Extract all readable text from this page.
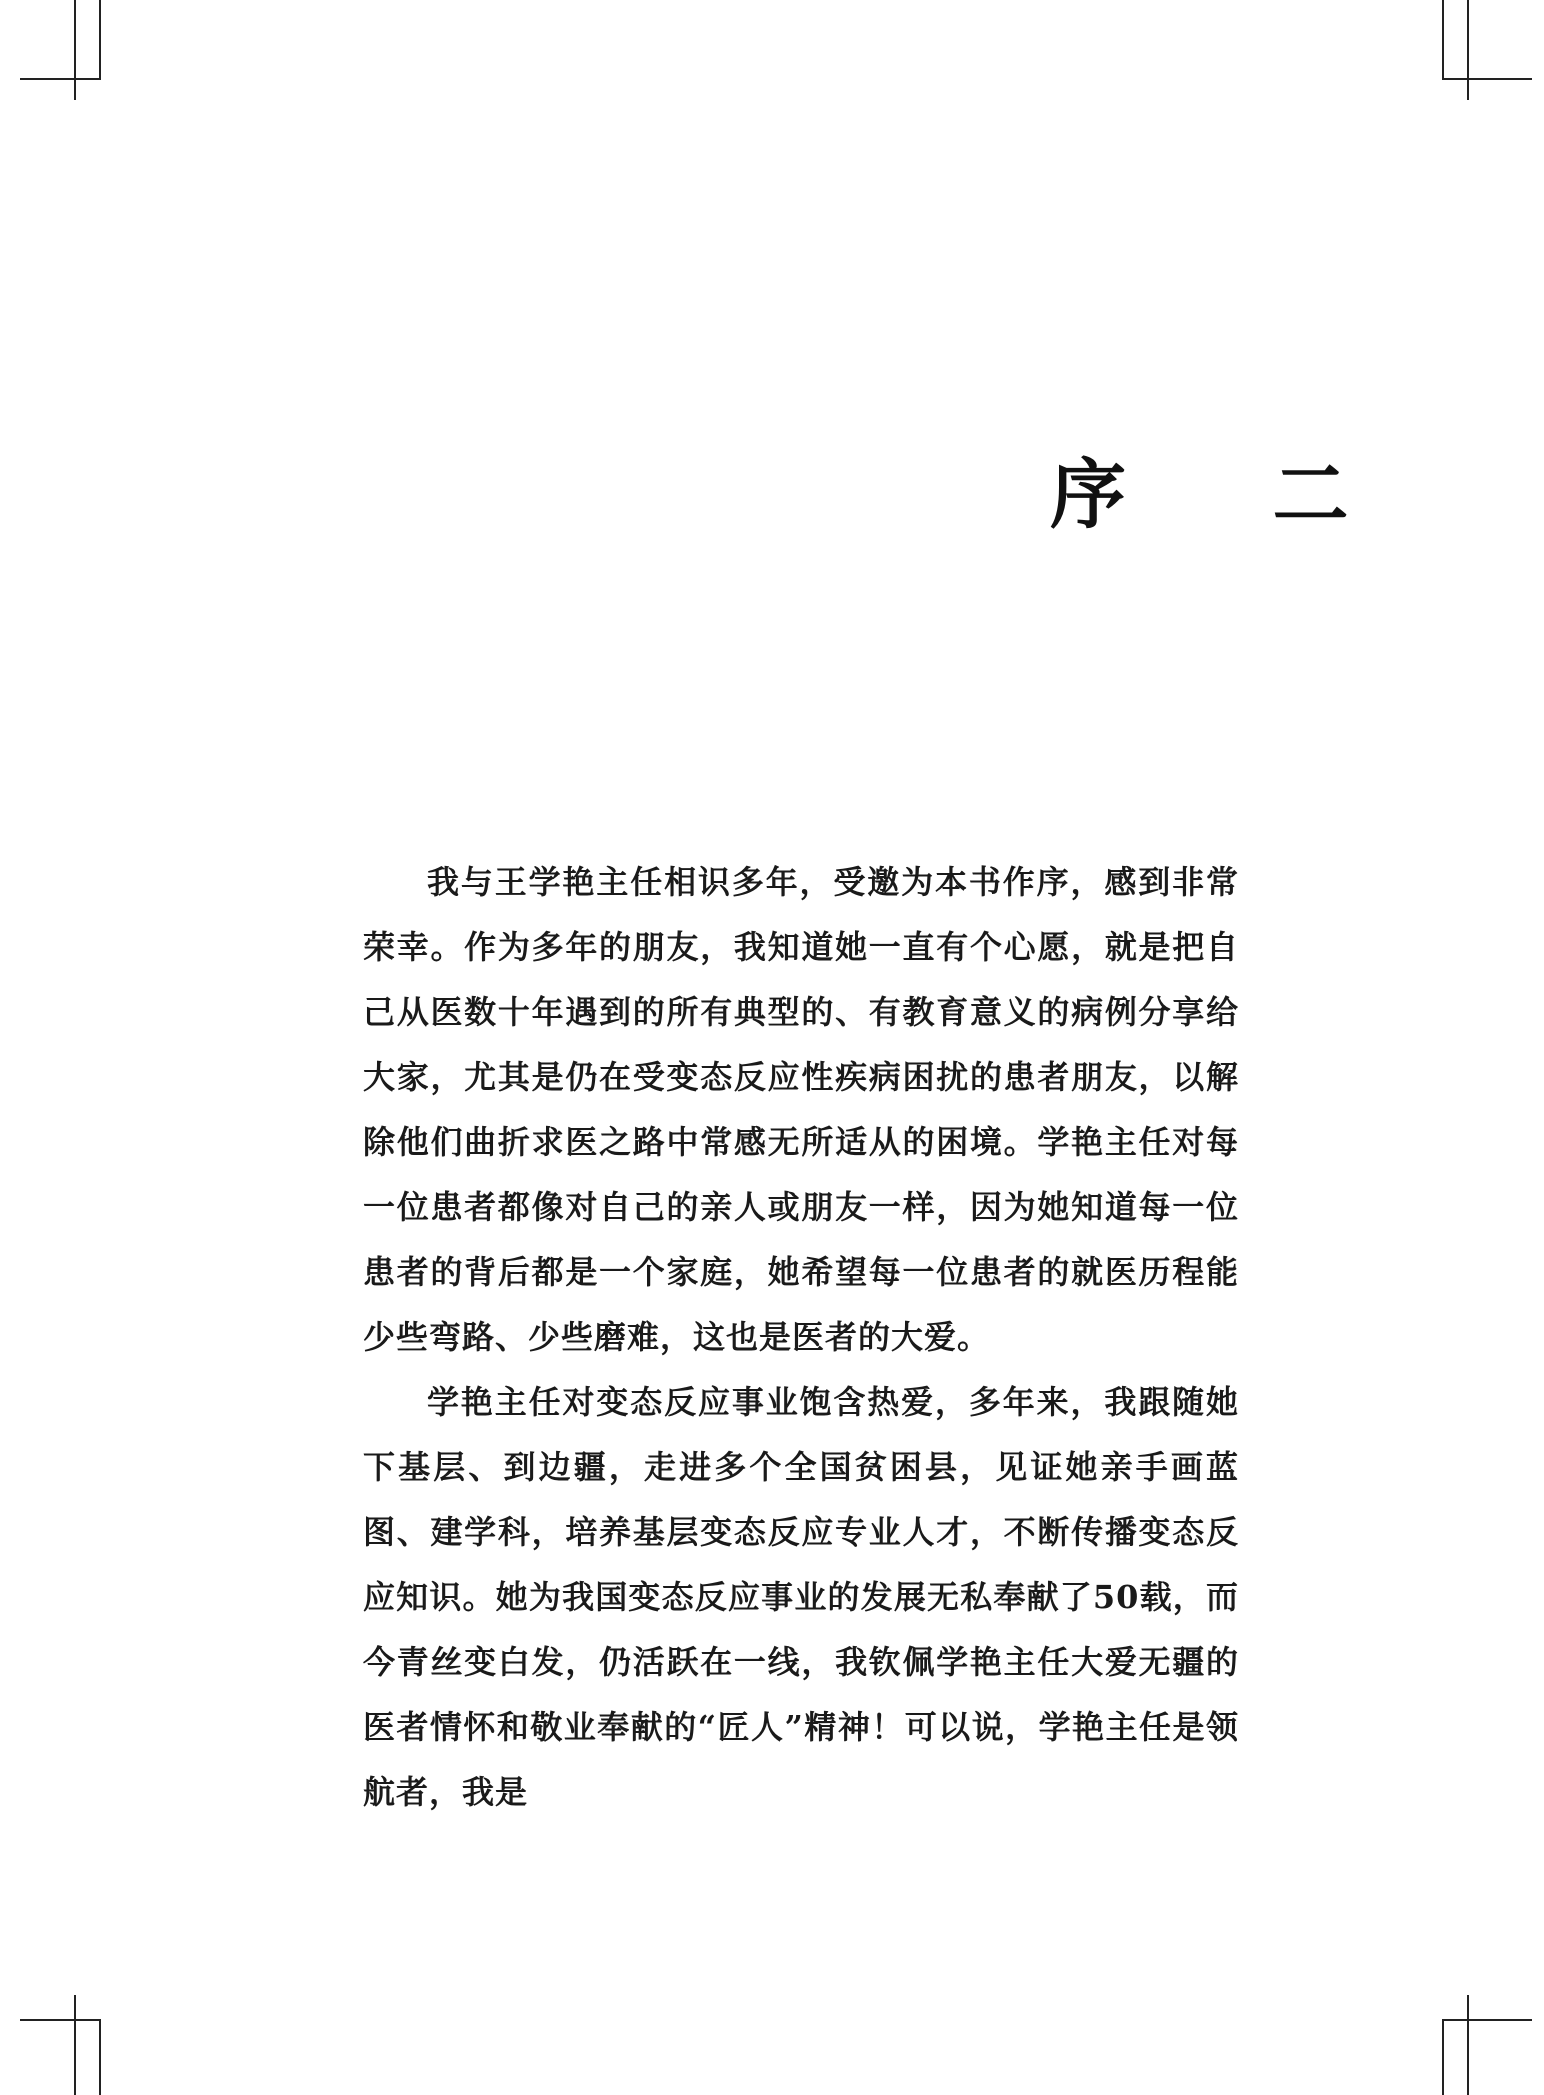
序 二

我与王学艳主任相识多年，受邀为本书作序，感到非常荣幸。作为多年的朋友，我知道她一直有个心愿，就是把自己从医数十年遇到的所有典型的、有教育意义的病例分享给大家，尤其是仍在受变态反应性疾病困扰的患者朋友，以解除他们曲折求医之路中常感无所适从的困境。学艳主任对每一位患者都像对自己的亲人或朋友一样，因为她知道每一位患者的背后都是一个家庭，她希望每一位患者的就医历程能少些弯路、少些磨难，这也是医者的大爱。

学艳主任对变态反应事业饱含热爱，多年来，我跟随她下基层、到边疆，走进多个全国贫困县，见证她亲手画蓝图、建学科，培养基层变态反应专业人才，不断传播变态反应知识。她为我国变态反应事业的发展无私奉献了50载，而今青丝变白发，仍活跃在一线，我钦佩学艳主任大爱无疆的医者情怀和敬业奉献的“匠人”精神！可以说，学艳主任是领航者，我是
